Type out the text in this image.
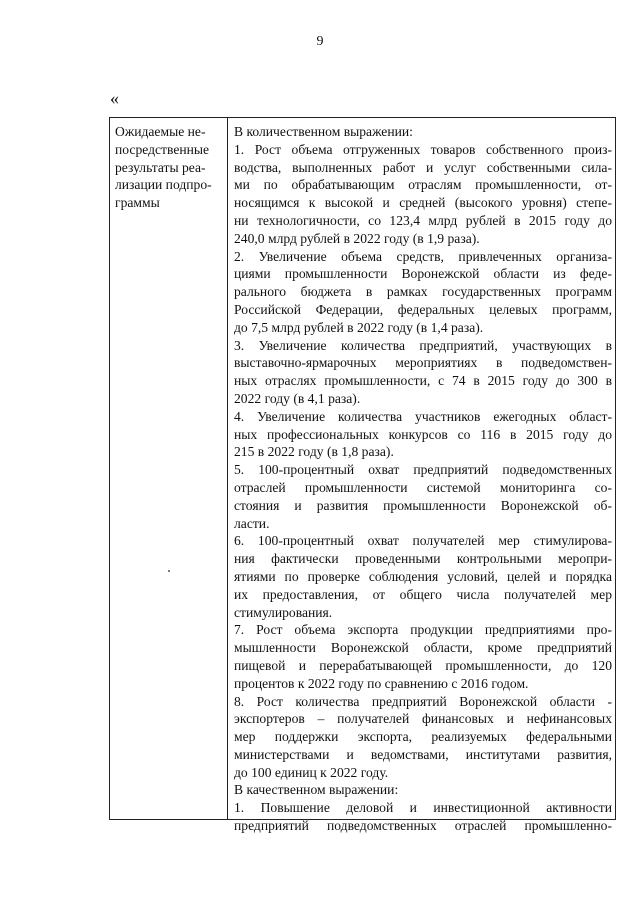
9
«
Ожидаемые не-
посредственные
результаты реа-
лизации подпро-
граммы
В количественном выражении:
1. Рост объема отгруженных товаров собственного произ-
водства, выполненных работ и услуг собственными сила-
ми по обрабатывающим отраслям промышленности, от-
носящимся к высокой и средней (высокого уровня) степе-
ни технологичности, со 123,4 млрд рублей в 2015 году до
240,0 млрд рублей в 2022 году (в 1,9 раза).
2. Увеличение объема средств, привлеченных организа-
циями промышленности Воронежской области из феде-
рального бюджета в рамках государственных программ
Российской Федерации, федеральных целевых программ,
до 7,5 млрд рублей в 2022 году (в 1,4 раза).
3. Увеличение количества предприятий, участвующих в
выставочно-ярмарочных мероприятиях в подведомствен-
ных отраслях промышленности, с 74 в 2015 году до 300 в
2022 году (в 4,1 раза).
4. Увеличение количества участников ежегодных област-
ных профессиональных конкурсов со 116 в 2015 году до
215 в 2022 году (в 1,8 раза).
5. 100-процентный охват предприятий подведомственных
отраслей промышленности системой мониторинга со-
стояния и развития промышленности Воронежской об-
ласти.
6. 100-процентный охват получателей мер стимулирова-
ния фактически проведенными контрольными меропри-
ятиями по проверке соблюдения условий, целей и порядка
их предоставления, от общего числа получателей мер
стимулирования.
7. Рост объема экспорта продукции предприятиями про-
мышленности Воронежской области, кроме предприятий
пищевой и перерабатывающей промышленности, до 120
процентов к 2022 году по сравнению с 2016 годом.
8. Рост количества предприятий Воронежской области -
экспортеров – получателей финансовых и нефинансовых
мер поддержки экспорта, реализуемых федеральными
министерствами и ведомствами, институтами развития,
до 100 единиц к 2022 году.
В качественном выражении:
1. Повышение деловой и инвестиционной активности
предприятий подведомственных отраслей промышленно-
